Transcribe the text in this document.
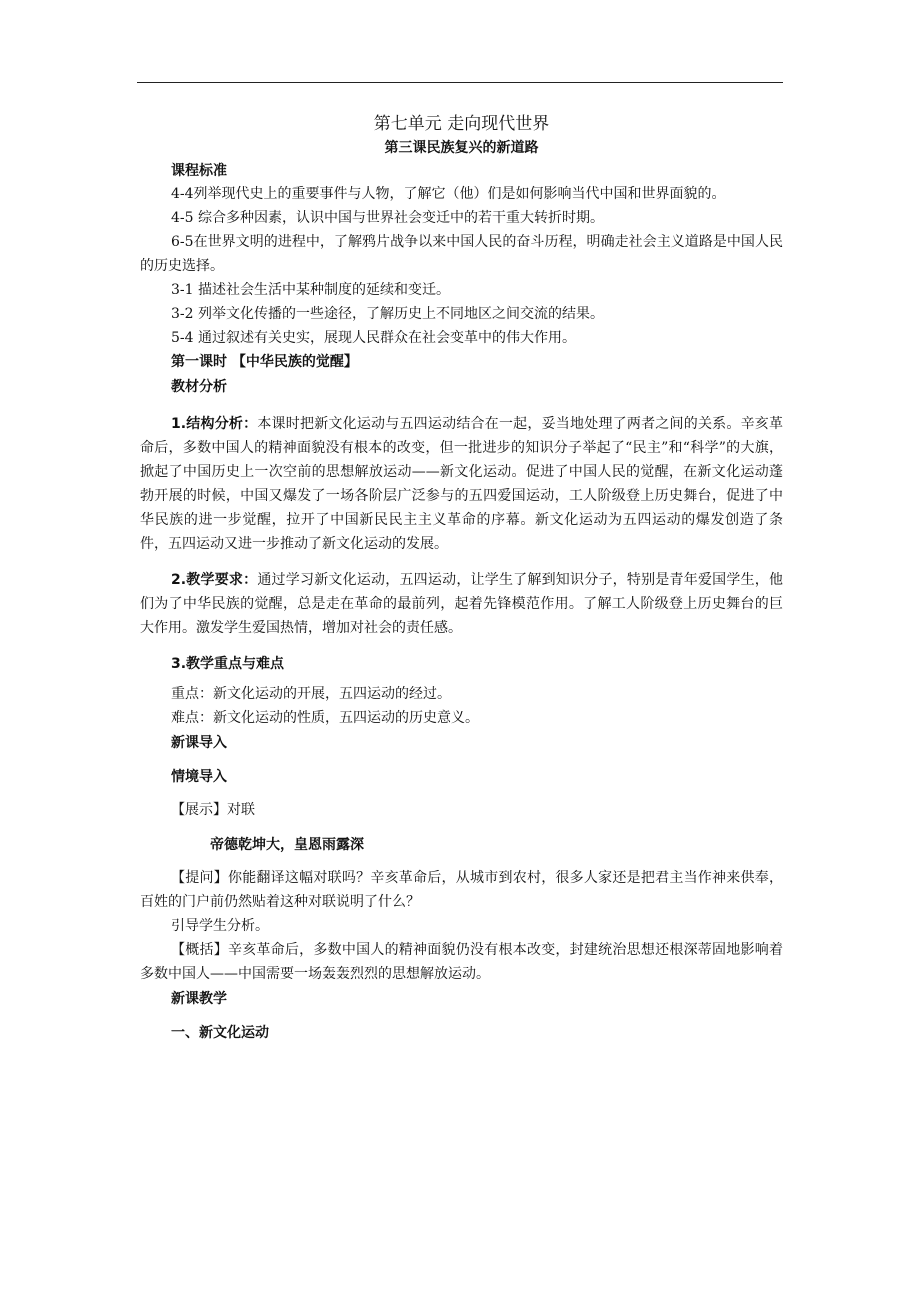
第七单元 走向现代世界

第三课民族复兴的新道路

课程标准

4-4列举现代史上的重要事件与人物，了解它（他）们是如何影响当代中国和世界面貌的。

4-5 综合多种因素，认识中国与世界社会变迁中的若干重大转折时期。

6-5在世界文明的进程中，了解鸦片战争以来中国人民的奋斗历程，明确走社会主义道路是中国人民的历史选择。

3-1 描述社会生活中某种制度的延续和变迁。

3-2 列举文化传播的一些途径，了解历史上不同地区之间交流的结果。

5-4 通过叙述有关史实，展现人民群众在社会变革中的伟大作用。

第一课时 【中华民族的觉醒】

教材分析

1.结构分析：本课时把新文化运动与五四运动结合在一起，妥当地处理了两者之间的关系。辛亥革命后，多数中国人的精神面貌没有根本的改变，但一批进步的知识分子举起了“民主”和“科学”的大旗，掀起了中国历史上一次空前的思想解放运动——新文化运动。促进了中国人民的觉醒，在新文化运动蓬勃开展的时候，中国又爆发了一场各阶层广泛参与的五四爱国运动，工人阶级登上历史舞台，促进了中华民族的进一步觉醒，拉开了中国新民民主主义革命的序幕。新文化运动为五四运动的爆发创造了条件，五四运动又进一步推动了新文化运动的发展。

2.教学要求：通过学习新文化运动，五四运动，让学生了解到知识分子，特别是青年爱国学生，他们为了中华民族的觉醒，总是走在革命的最前列，起着先锋模范作用。了解工人阶级登上历史舞台的巨大作用。激发学生爱国热情，增加对社会的责任感。

3.教学重点与难点

重点：新文化运动的开展，五四运动的经过。

难点：新文化运动的性质，五四运动的历史意义。

新课导入

情境导入

【展示】对联

帝德乾坤大，皇恩雨露深

【提问】你能翻译这幅对联吗？辛亥革命后，从城市到农村，很多人家还是把君主当作神来供奉，百姓的门户前仍然贴着这种对联说明了什么？

引导学生分析。

【概括】辛亥革命后，多数中国人的精神面貌仍没有根本改变，封建统治思想还根深蒂固地影响着多数中国人——中国需要一场轰轰烈烈的思想解放运动。

新课教学

一、新文化运动
